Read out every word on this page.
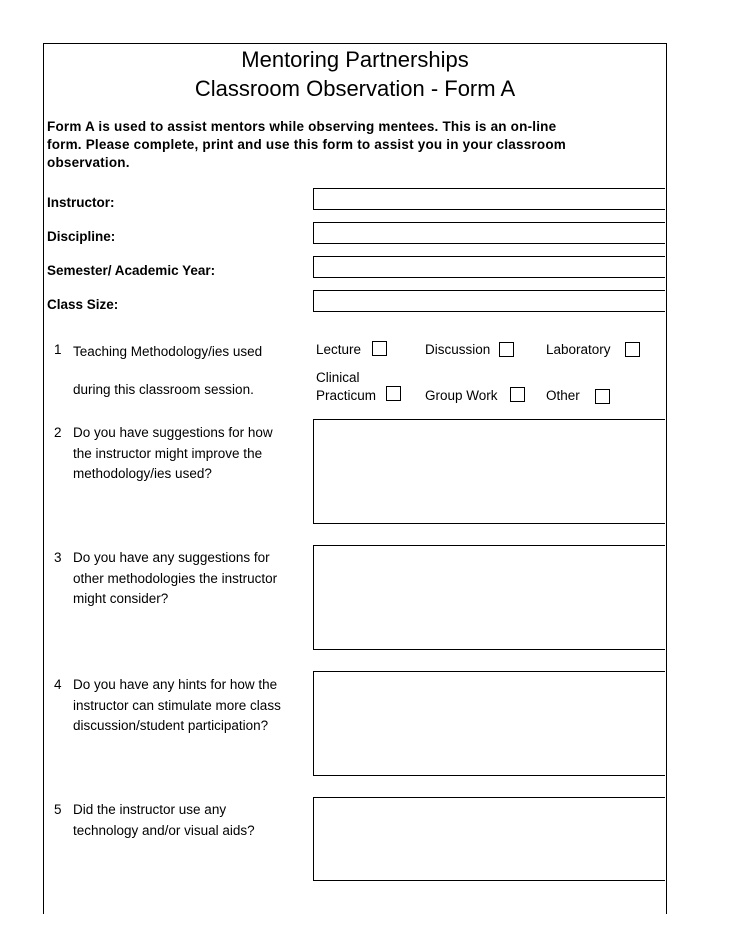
Mentoring Partnerships
Classroom Observation - Form A
Form A is used to assist mentors while observing mentees. This is an on-line
form. Please complete, print and use this form to assist you in your classroom
observation.
Instructor:
Discipline:
Semester/ Academic Year:
Class Size:
1 Teaching Methodology/ies used
during this classroom session.
Lecture	Discussion	Laboratory
Clinical
Practicum	Group Work	Other
2 Do you have suggestions for how
the instructor might improve the
methodology/ies used?
3 Do you have any suggestions for
other methodologies the instructor
might consider?
4 Do you have any hints for how the
instructor can stimulate more class
discussion/student participation?
5 Did the instructor use any
technology and/or visual aids?
